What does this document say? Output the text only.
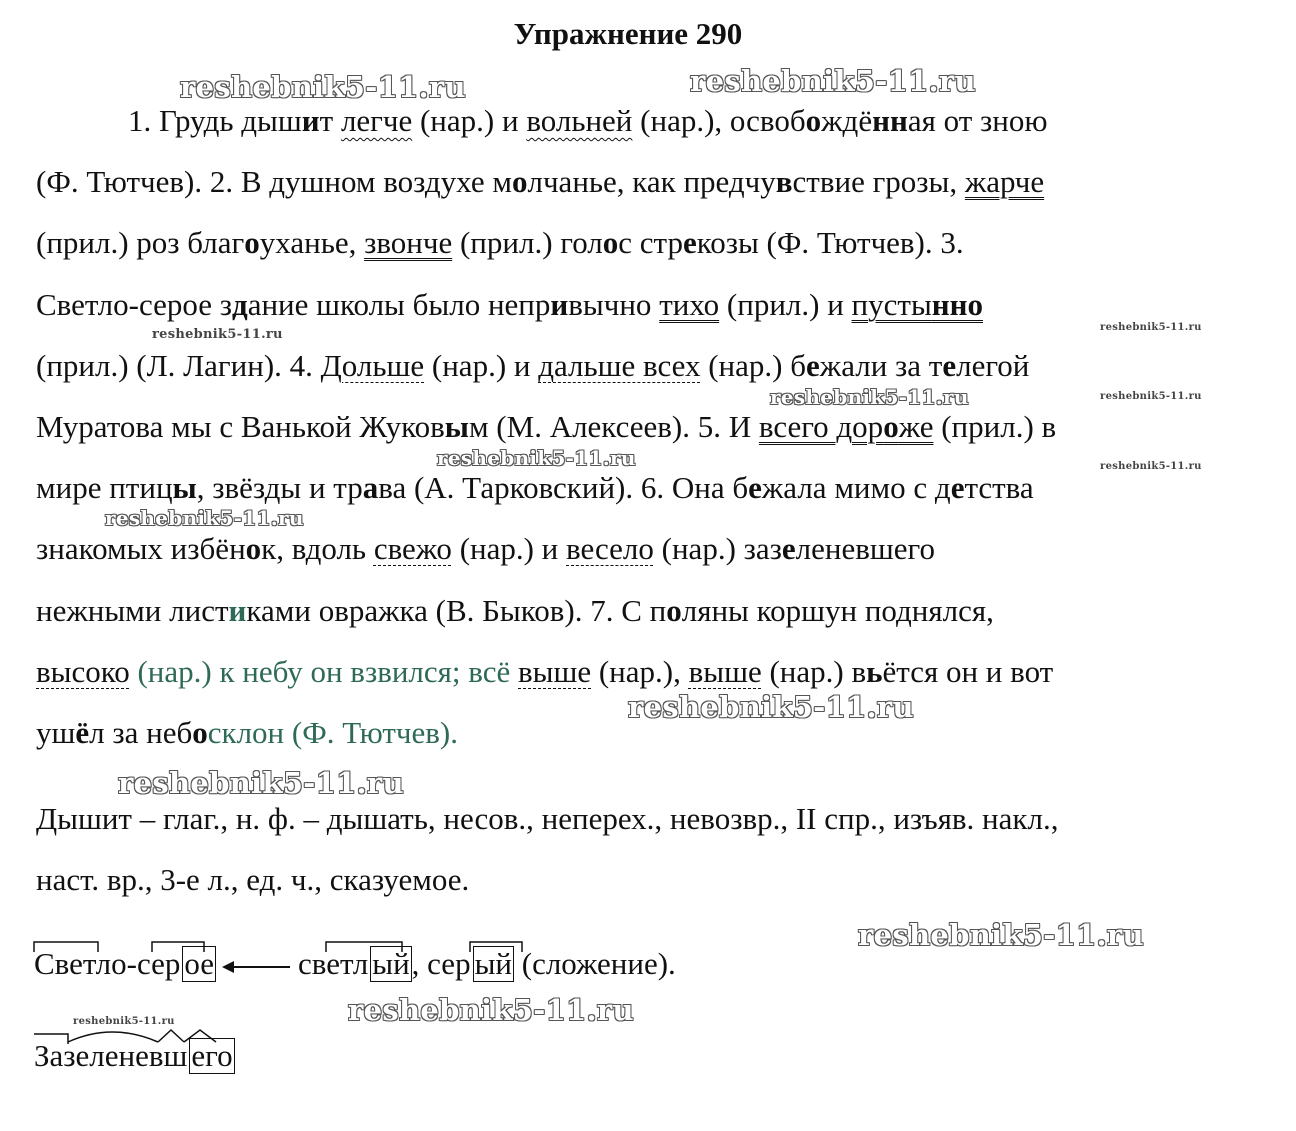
Упражнение 290
1. Грудь дышит легче (нар.) и вольней (нар.), освобождённая от зною
(Ф. Тютчев). 2. В душном воздухе молчанье, как предчувствие грозы, жарче
(прил.) роз благоуханье, звонче (прил.) голос стрекозы (Ф. Тютчев). 3.
Светло-серое здание школы было непривычно тихо (прил.) и пустынно
(прил.) (Л. Лагин). 4. Дольше (нар.) и дальше всех (нар.) бежали за телегой
Муратова мы с Ванькой Жуковым (М. Алексеев). 5. И всего дороже (прил.) в
мире птицы, звёзды и трава (А. Тарковский). 6. Она бежала мимо с детства
знакомых избёнок, вдоль свежо (нар.) и весело (нар.) зазеленевшего
нежными листиками овражка (В. Быков). 7. С поляны коршун поднялся,
высоко (нар.) к небу он взвился; всё выше (нар.), выше (нар.) вьётся он и вот
ушёл за небосклон (Ф. Тютчев).
Дышит – глаг., н. ф. – дышать, несов., неперех., невозвр., II спр., изъяв. накл.,
наст. вр., 3-е л., ед. ч., сказуемое.
Светло-сер ое	светл ый, сер ый (сложение).
Зазеленевш его
reshebnik5-11.ru	reshebnik5-11.ru
reshebnik5-11.ru	reshebnik5-11.ru
reshebnik5-11.ru	reshebnik5-11.ru
reshebnik5-11.ru	reshebnik5-11.ru
reshebnik5-11.ru
reshebnik5-11.ru
reshebnik5-11.ru
reshebnik5-11.ru
reshebnik5-11.ru
reshebnik5-11.ru
